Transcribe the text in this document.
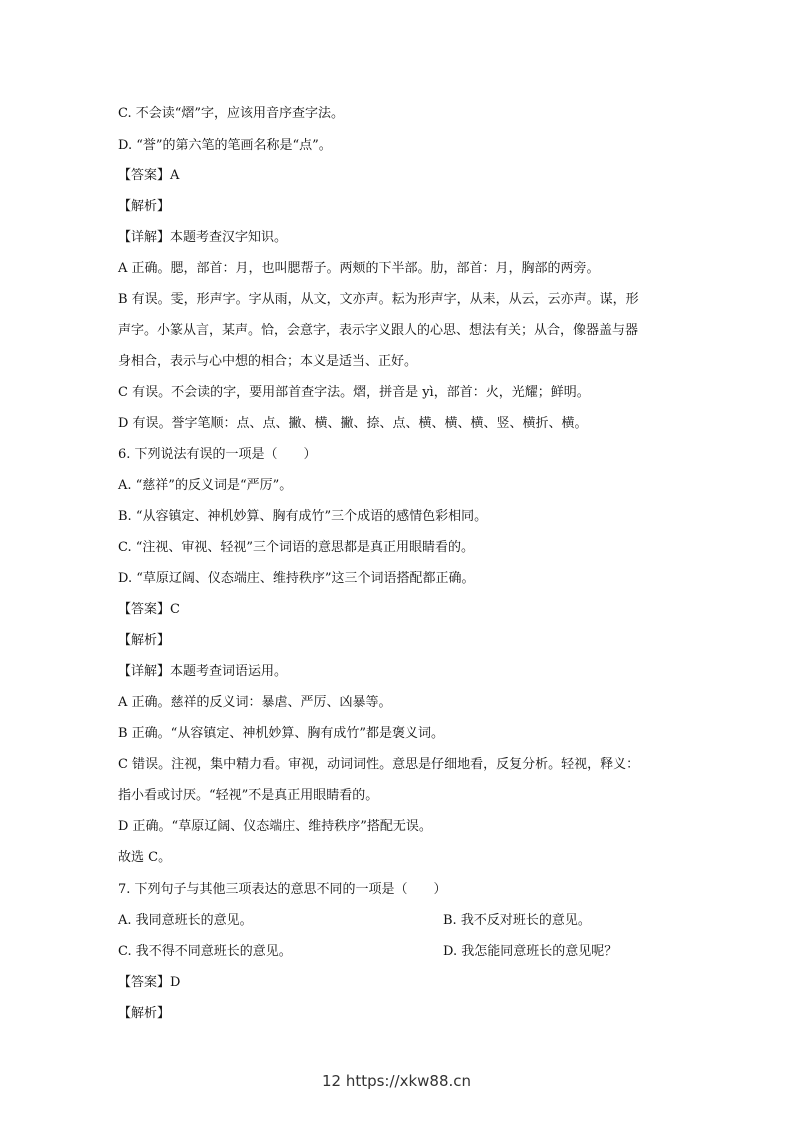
C. 不会读“熠”字，应该用音序查字法。
D. “誉”的第六笔的笔画名称是“点”。
【答案】A
【解析】
【详解】本题考查汉字知识。
A 正确。腮，部首：月，也叫腮帮子。两颊的下半部。肋，部首：月，胸部的两旁。
B 有误。雯，形声字。字从雨，从文，文亦声。耘为形声字，从耒，从云，云亦声。谋，形
声字。小篆从言，某声。恰，会意字，表示字义跟人的心思、想法有关；从合，像器盖与器
身相合，表示与心中想的相合；本义是适当、正好。
C 有误。不会读的字，要用部首查字法。熠，拼音是 yì，部首：火，光耀；鲜明。
D 有误。誉字笔顺：点、点、撇、横、撇、捺、点、横、横、横、竖、横折、横。
6. 下列说法有误的一项是（　　）
A. “慈祥”的反义词是“严厉”。
B. “从容镇定、神机妙算、胸有成竹”三个成语的感情色彩相同。
C. “注视、审视、轻视”三个词语的意思都是真正用眼睛看的。
D. “草原辽阔、仪态端庄、维持秩序”这三个词语搭配都正确。
【答案】C
【解析】
【详解】本题考查词语运用。
A 正确。慈祥的反义词：暴虐、严厉、凶暴等。
B 正确。“从容镇定、神机妙算、胸有成竹”都是褒义词。
C 错误。注视，集中精力看。审视，动词词性。意思是仔细地看，反复分析。轻视，释义：
指小看或讨厌。“轻视”不是真正用眼睛看的。
D 正确。“草原辽阔、仪态端庄、维持秩序”搭配无误。
故选 C。
7. 下列句子与其他三项表达的意思不同的一项是（　　）
A. 我同意班长的意见。	B. 我不反对班长的意见。
C. 我不得不同意班长的意见。	D. 我怎能同意班长的意见呢？
【答案】D
【解析】
12 https://xkw88.cn
